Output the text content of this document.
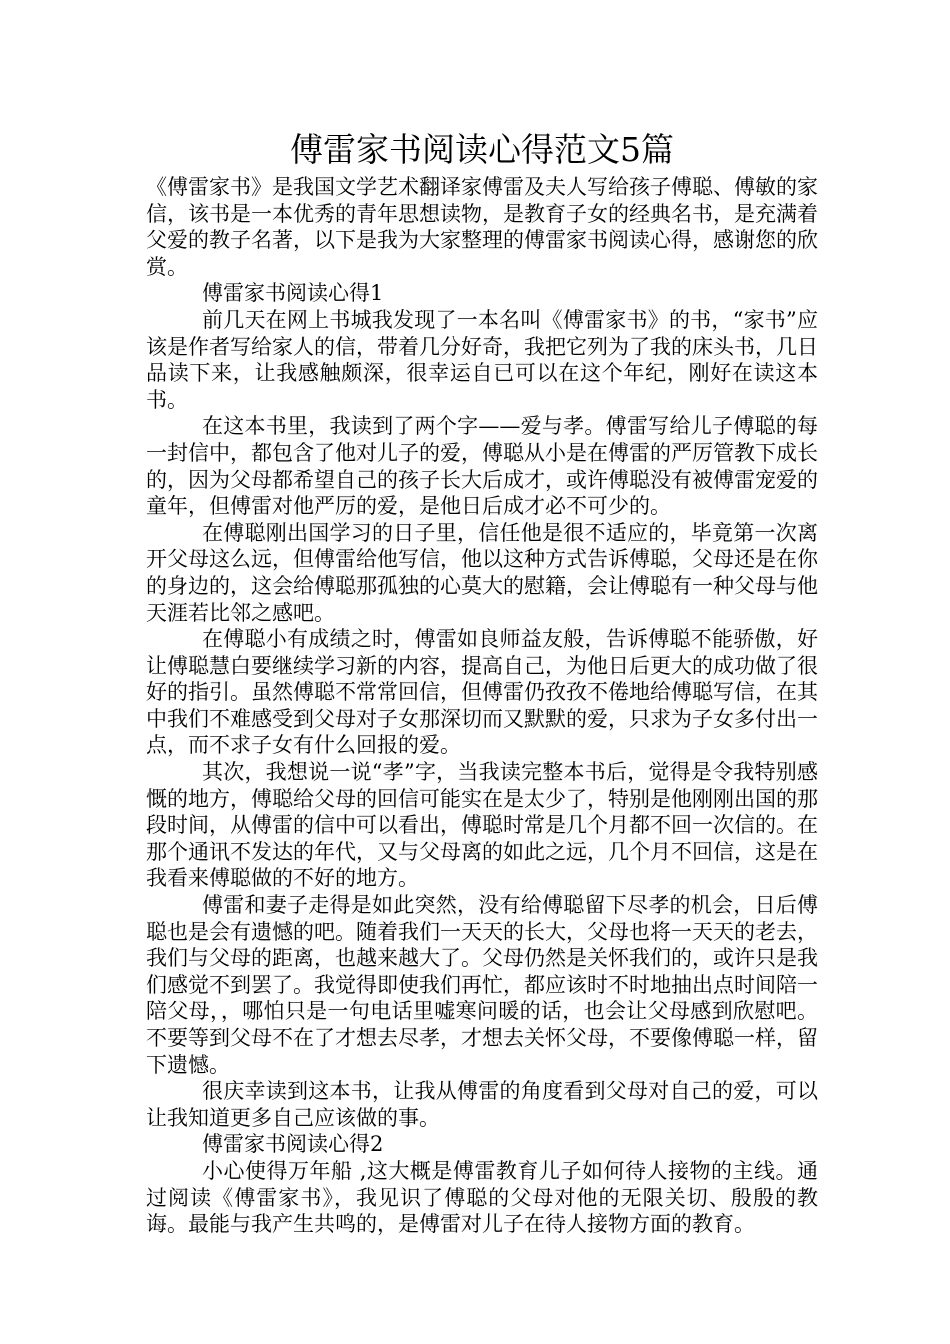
傅雷家书阅读心得范文5篇

《傅雷家书》是我国文学艺术翻译家傅雷及夫人写给孩子傅聪、傅敏的家信，该书是一本优秀的青年思想读物，是教育子女的经典名书，是充满着父爱的教子名著，以下是我为大家整理的傅雷家书阅读心得，感谢您的欣赏。

傅雷家书阅读心得1

前几天在网上书城我发现了一本名叫《傅雷家书》的书，“家书”应该是作者写给家人的信，带着几分好奇，我把它列为了我的床头书，几日品读下来，让我感触颇深，很幸运自已可以在这个年纪，刚好在读这本书。

在这本书里，我读到了两个字——爱与孝。傅雷写给儿子傅聪的每一封信中，都包含了他对儿子的爱，傅聪从小是在傅雷的严厉管教下成长的，因为父母都希望自己的孩子长大后成才，或许傅聪没有被傅雷宠爱的童年，但傅雷对他严厉的爱，是他日后成才必不可少的。

在傅聪刚出国学习的日子里，信任他是很不适应的，毕竟第一次离开父母这么远，但傅雷给他写信，他以这种方式告诉傅聪，父母还是在你的身边的，这会给傅聪那孤独的心莫大的慰籍，会让傅聪有一种父母与他天涯若比邻之感吧。

在傅聪小有成绩之时，傅雷如良师益友般，告诉傅聪不能骄傲，好让傅聪慧白要继续学习新的内容，提高自己，为他日后更大的成功做了很好的指引。虽然傅聪不常常回信，但傅雷仍孜孜不倦地给傅聪写信，在其中我们不难感受到父母对子女那深切而又默默的爱，只求为子女多付出一点，而不求子女有什么回报的爱。

其次，我想说一说“孝”字，当我读完整本书后，觉得是令我特别感慨的地方，傅聪给父母的回信可能实在是太少了，特别是他刚刚出国的那段时间，从傅雷的信中可以看出，傅聪时常是几个月都不回一次信的。在那个通讯不发达的年代，又与父母离的如此之远，几个月不回信，这是在我看来傅聪做的不好的地方。

傅雷和妻子走得是如此突然，没有给傅聪留下尽孝的机会，日后傅聪也是会有遗憾的吧。随着我们一天天的长大，父母也将一天天的老去，我们与父母的距离，也越来越大了。父母仍然是关怀我们的，或许只是我们感觉不到罢了。我觉得即使我们再忙，都应该时不时地抽出点时间陪一陪父母，，哪怕只是一句电话里嘘寒问暖的话，也会让父母感到欣慰吧。不要等到父母不在了才想去尽孝，才想去关怀父母，不要像傅聪一样，留下遗憾。

很庆幸读到这本书，让我从傅雷的角度看到父母对自己的爱，可以让我知道更多自己应该做的事。

傅雷家书阅读心得2

小心使得万年船 ,这大概是傅雷教育儿子如何待人接物的主线。通过阅读《傅雷家书》，我见识了傅聪的父母对他的无限关切、殷殷的教诲。最能与我产生共鸣的，是傅雷对儿子在待人接物方面的教育。
